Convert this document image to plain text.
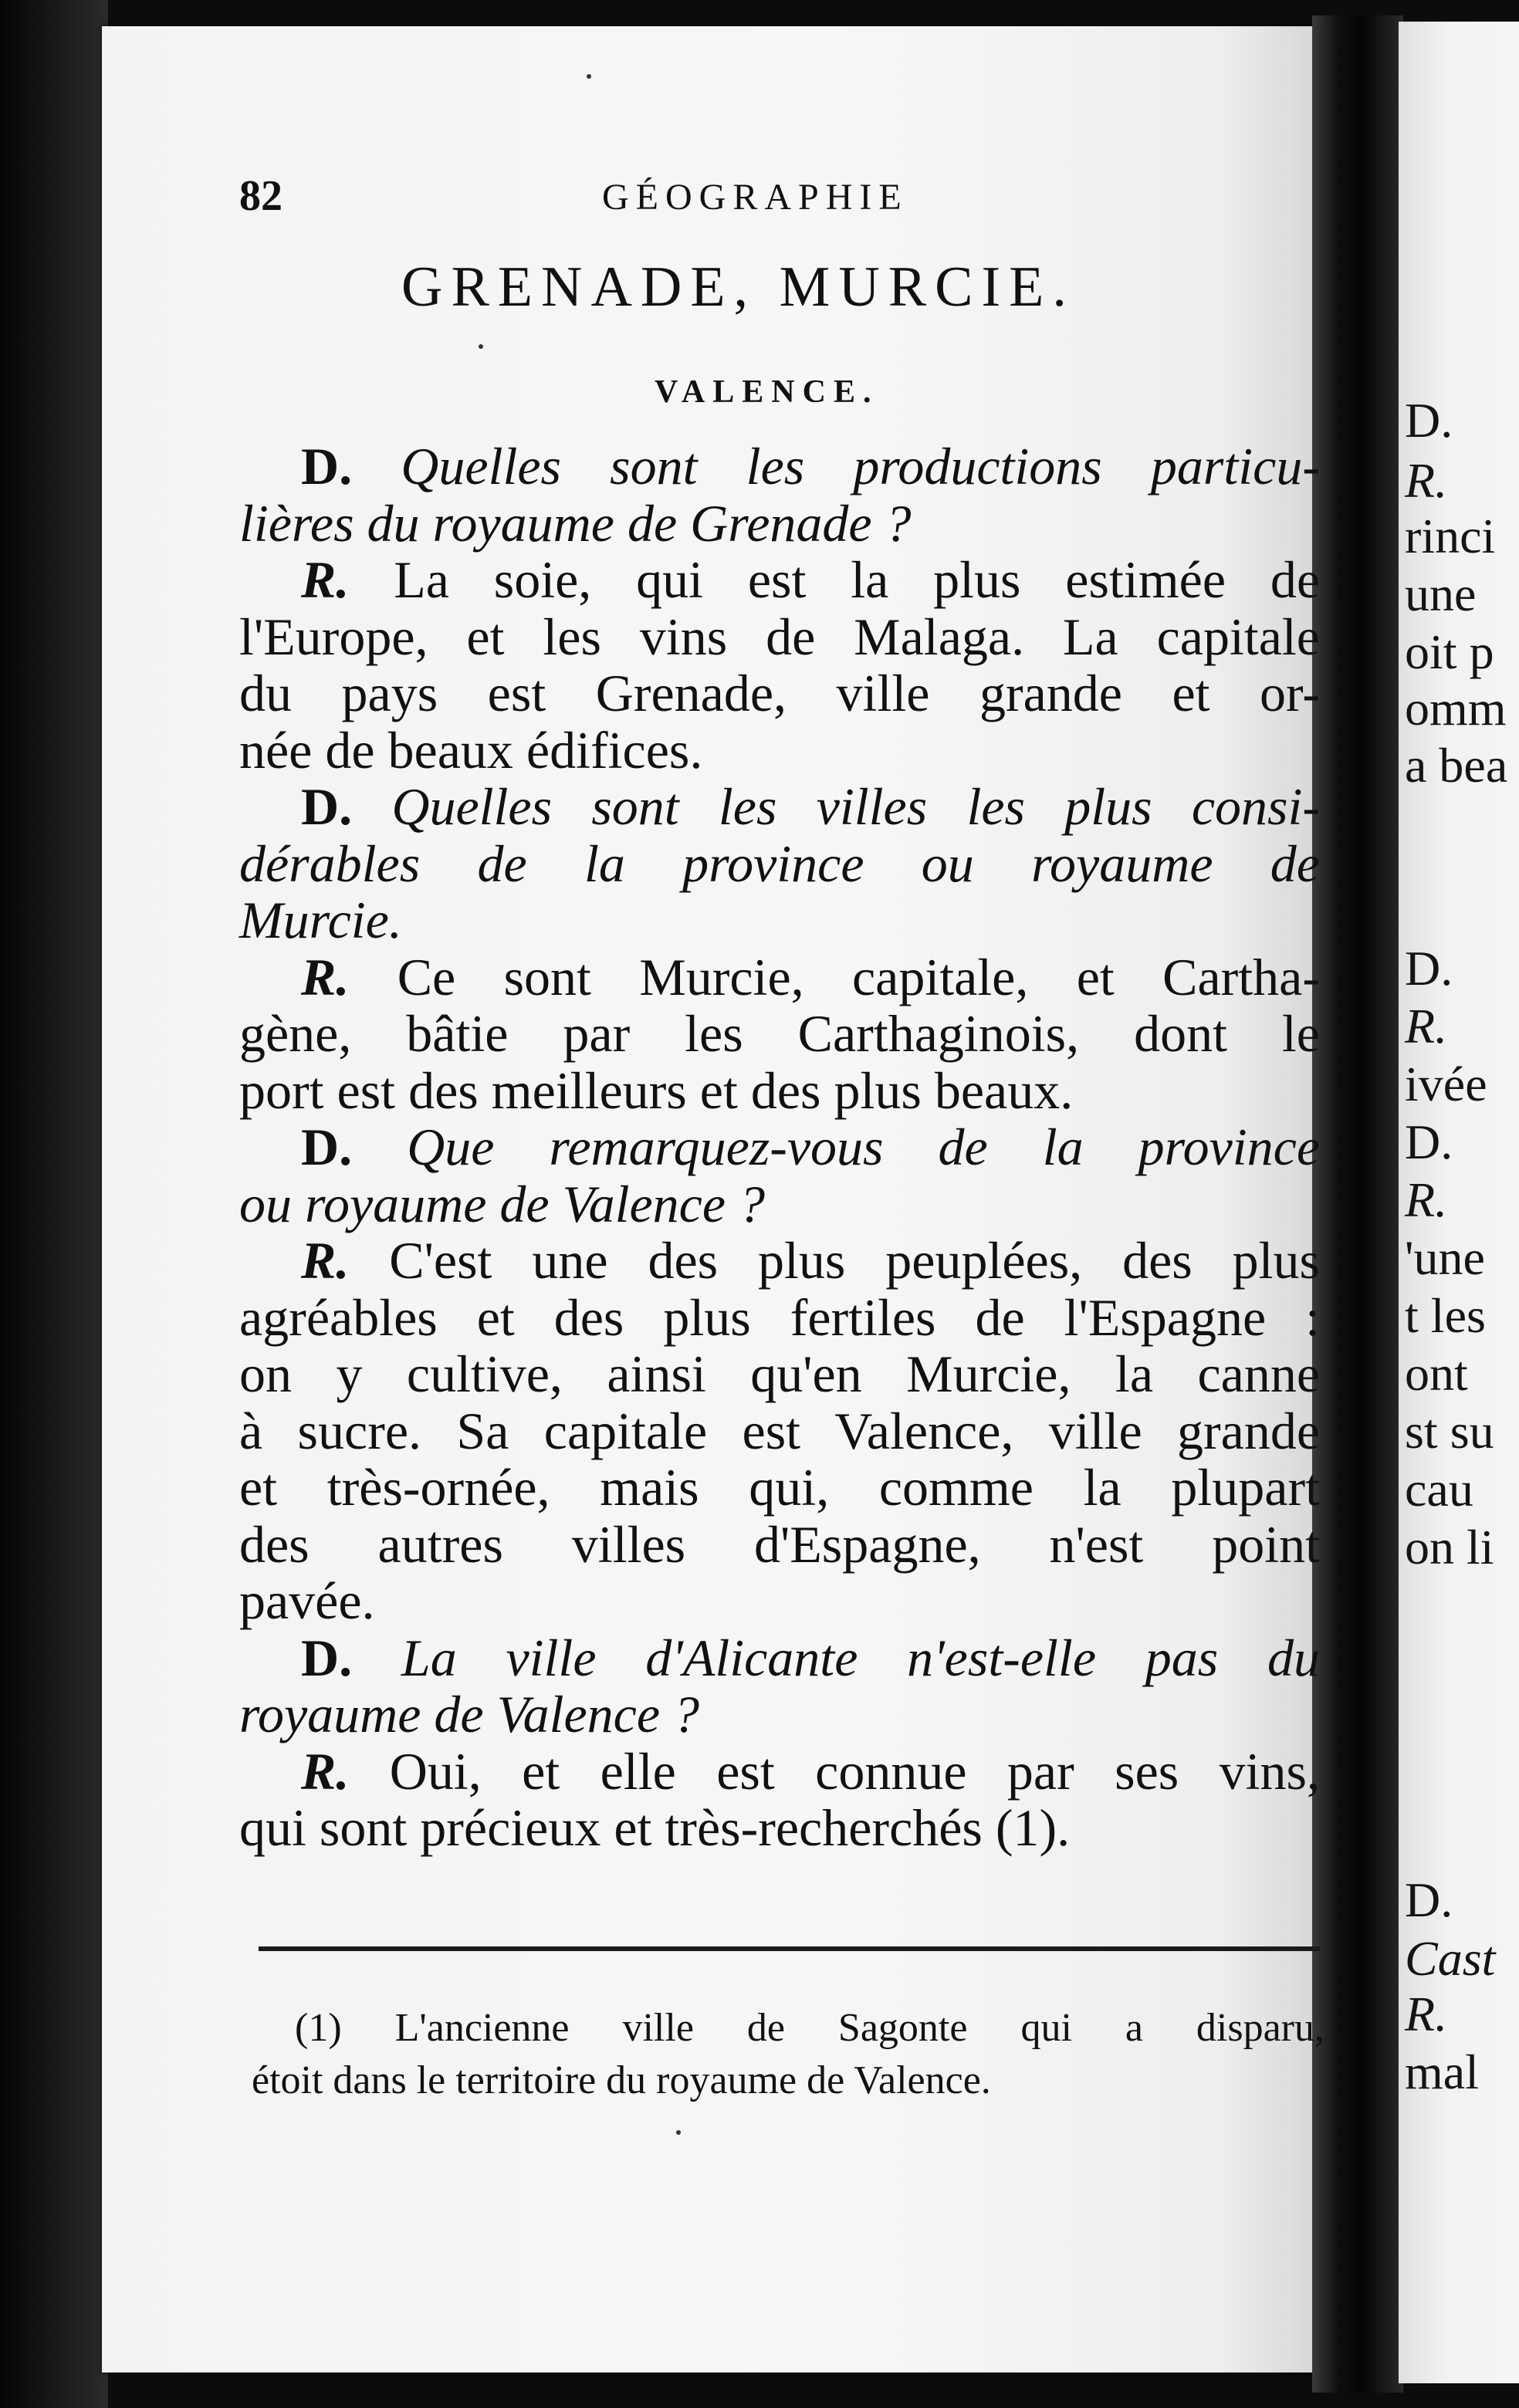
D.
R.
rinci
une
oit p
omm
a bea
D.
R.
ivée
D.
R.
'une
t les
ont
st su
cau
on li
D.
Cast
R.
mal
82	GÉOGRAPHIE
GRENADE, MURCIE.
VALENCE.
D. Quelles sont les productions particu-
lières du royaume de Grenade ?
R. La soie, qui est la plus estimée de
l'Europe, et les vins de Malaga. La capitale
du pays est Grenade, ville grande et or-
née de beaux édifices.
D. Quelles sont les villes les plus consi-
dérables de la province ou royaume de
Murcie.
R. Ce sont Murcie, capitale, et Cartha-
gène, bâtie par les Carthaginois, dont le
port est des meilleurs et des plus beaux.
D. Que remarquez-vous de la province
ou royaume de Valence ?
R. C'est une des plus peuplées, des plus
agréables et des plus fertiles de l'Espagne :
on y cultive, ainsi qu'en Murcie, la canne
à sucre. Sa capitale est Valence, ville grande
et très-ornée, mais qui, comme la plupart
des autres villes d'Espagne, n'est point
pavée.
D. La ville d'Alicante n'est-elle pas du
royaume de Valence ?
R. Oui, et elle est connue par ses vins,
qui sont précieux et très-recherchés (1).
(1) L'ancienne ville de Sagonte qui a disparu,
étoit dans le territoire du royaume de Valence.
